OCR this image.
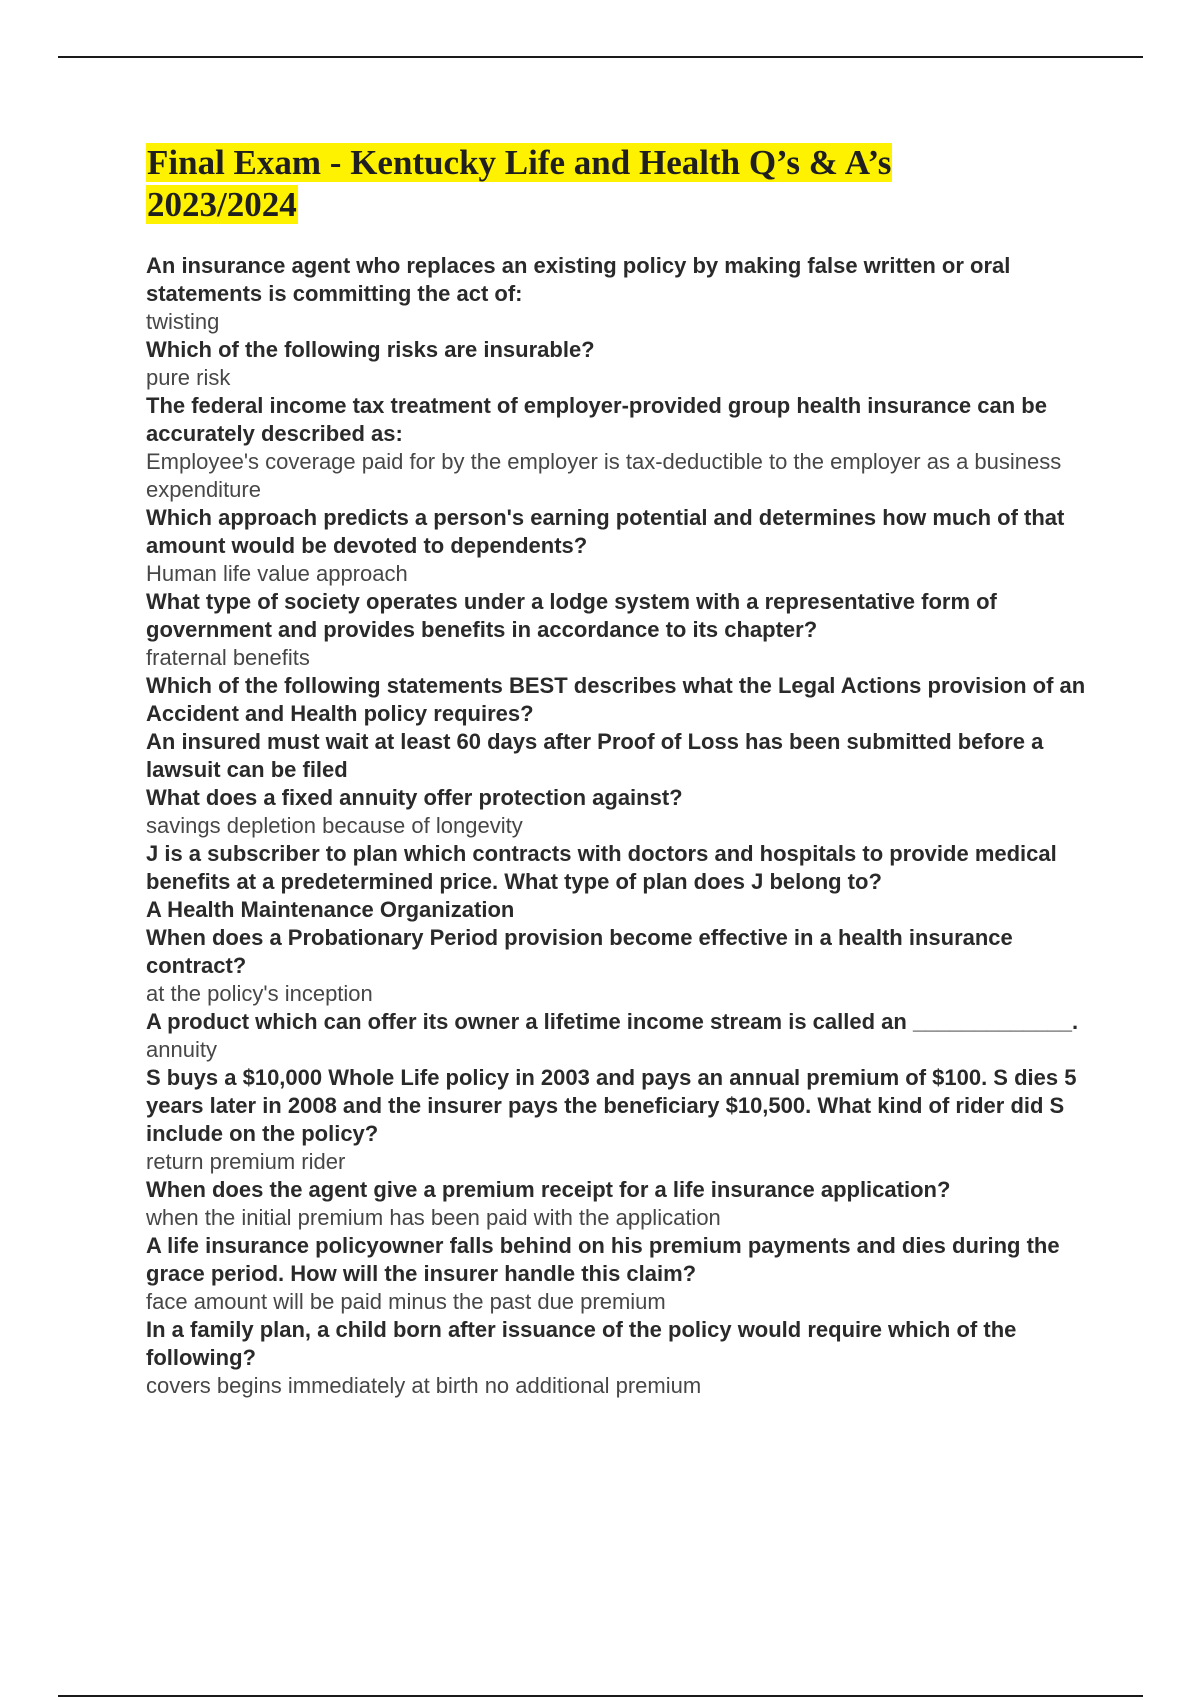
Final Exam - Kentucky Life and Health Q’s & A’s
2023/2024

An insurance agent who replaces an existing policy by making false written or oral statements is committing the act of:

twisting

Which of the following risks are insurable?

pure risk

The federal income tax treatment of employer-provided group health insurance can be accurately described as:

Employee's coverage paid for by the employer is tax-deductible to the employer as a business expenditure

Which approach predicts a person's earning potential and determines how much of that amount would be devoted to dependents?

Human life value approach

What type of society operates under a lodge system with a representative form of government and provides benefits in accordance to its chapter?

fraternal benefits

Which of the following statements BEST describes what the Legal Actions provision of an Accident and Health policy requires?

An insured must wait at least 60 days after Proof of Loss has been submitted before a lawsuit can be filed

What does a fixed annuity offer protection against?

savings depletion because of longevity

J is a subscriber to plan which contracts with doctors and hospitals to provide medical benefits at a predetermined price. What type of plan does J belong to?

A Health Maintenance Organization

When does a Probationary Period provision become effective in a health insurance contract?

at the policy's inception

A product which can offer its owner a lifetime income stream is called an _____________.

annuity

S buys a $10,000 Whole Life policy in 2003 and pays an annual premium of $100. S dies 5 years later in 2008 and the insurer pays the beneficiary $10,500. What kind of rider did S include on the policy?

return premium rider

When does the agent give a premium receipt for a life insurance application?

when the initial premium has been paid with the application

A life insurance policyowner falls behind on his premium payments and dies during the grace period. How will the insurer handle this claim?

face amount will be paid minus the past due premium

In a family plan, a child born after issuance of the policy would require which of the following?

covers begins immediately at birth no additional premium
